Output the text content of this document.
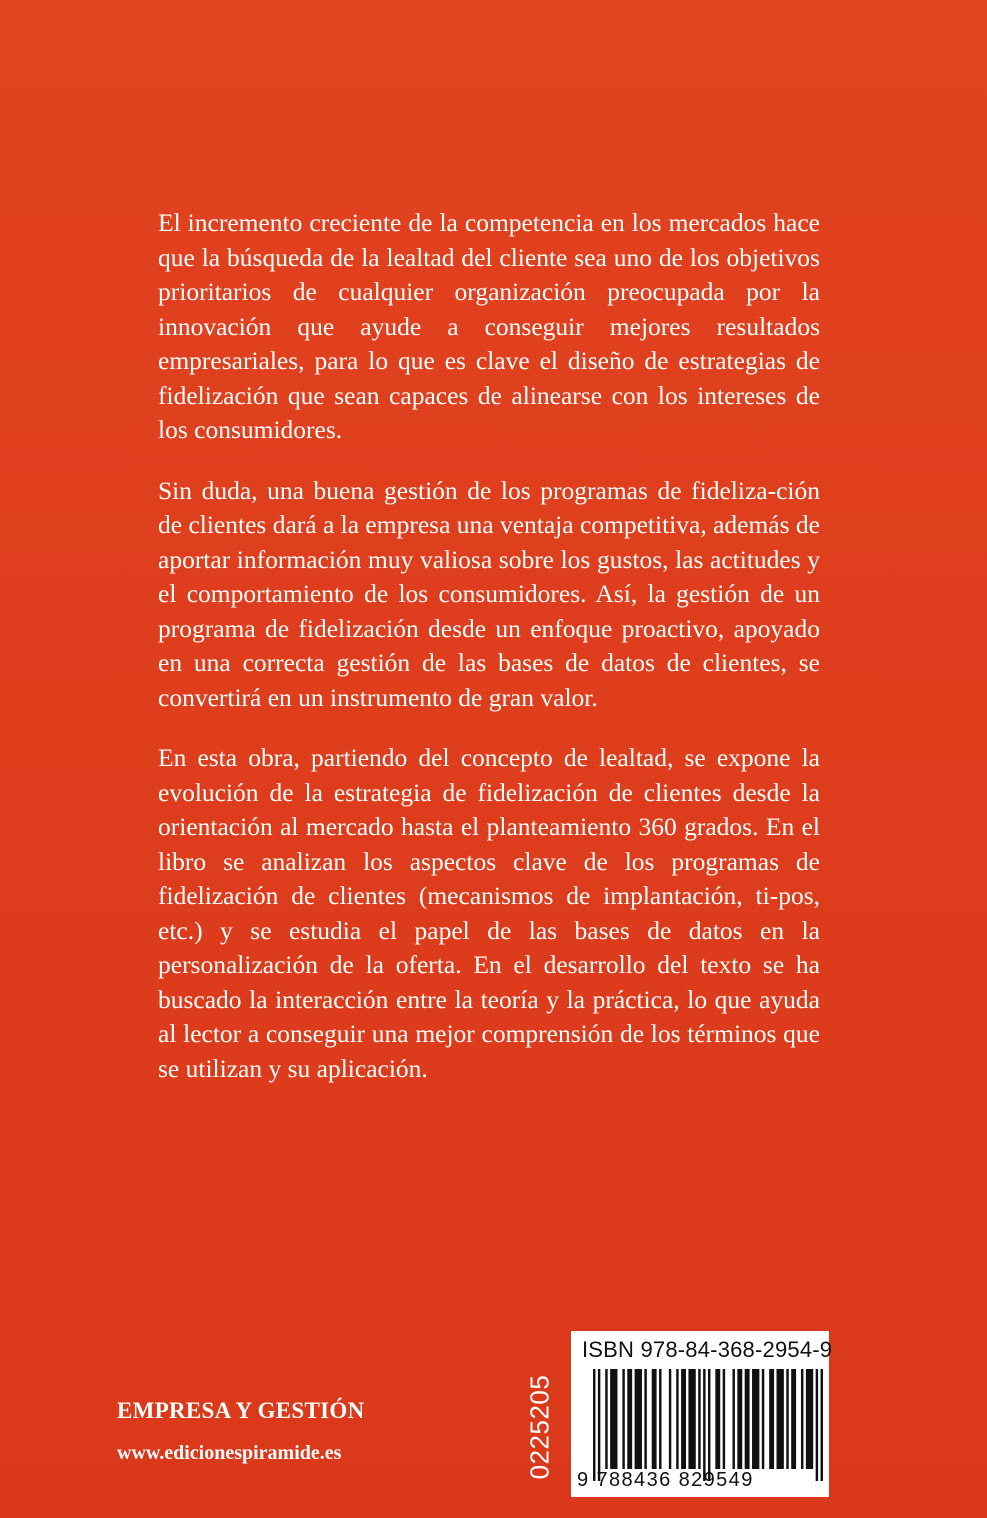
El incremento creciente de la competencia en los mercados hace que la búsqueda de la lealtad del cliente sea uno de los objetivos prioritarios de cualquier organización preocupada por la innovación que ayude a conseguir mejores resultados empresariales, para lo que es clave el diseño de estrategias de fidelización que sean capaces de alinearse con los intereses de los consumidores.

Sin duda, una buena gestión de los programas de fideliza-ción de clientes dará a la empresa una ventaja competitiva, además de aportar información muy valiosa sobre los gustos, las actitudes y el comportamiento de los consumidores. Así, la gestión de un programa de fidelización desde un enfoque proactivo, apoyado en una correcta gestión de las bases de datos de clientes, se convertirá en un instrumento de gran valor.

En esta obra, partiendo del concepto de lealtad, se expone la evolución de la estrategia de fidelización de clientes desde la orientación al mercado hasta el planteamiento 360 grados. En el libro se analizan los aspectos clave de los programas de fidelización de clientes (mecanismos de implantación, ti-pos, etc.) y se estudia el papel de las bases de datos en la personalización de la oferta. En el desarrollo del texto se ha buscado la interacción entre la teoría y la práctica, lo que ayuda al lector a conseguir una mejor comprensión de los términos que se utilizan y su aplicación.

EMPRESA Y GESTIÓN
www.edicionespiramide.es	0225205
ISBN 978-84-368-2954-9
9 788436 829549
